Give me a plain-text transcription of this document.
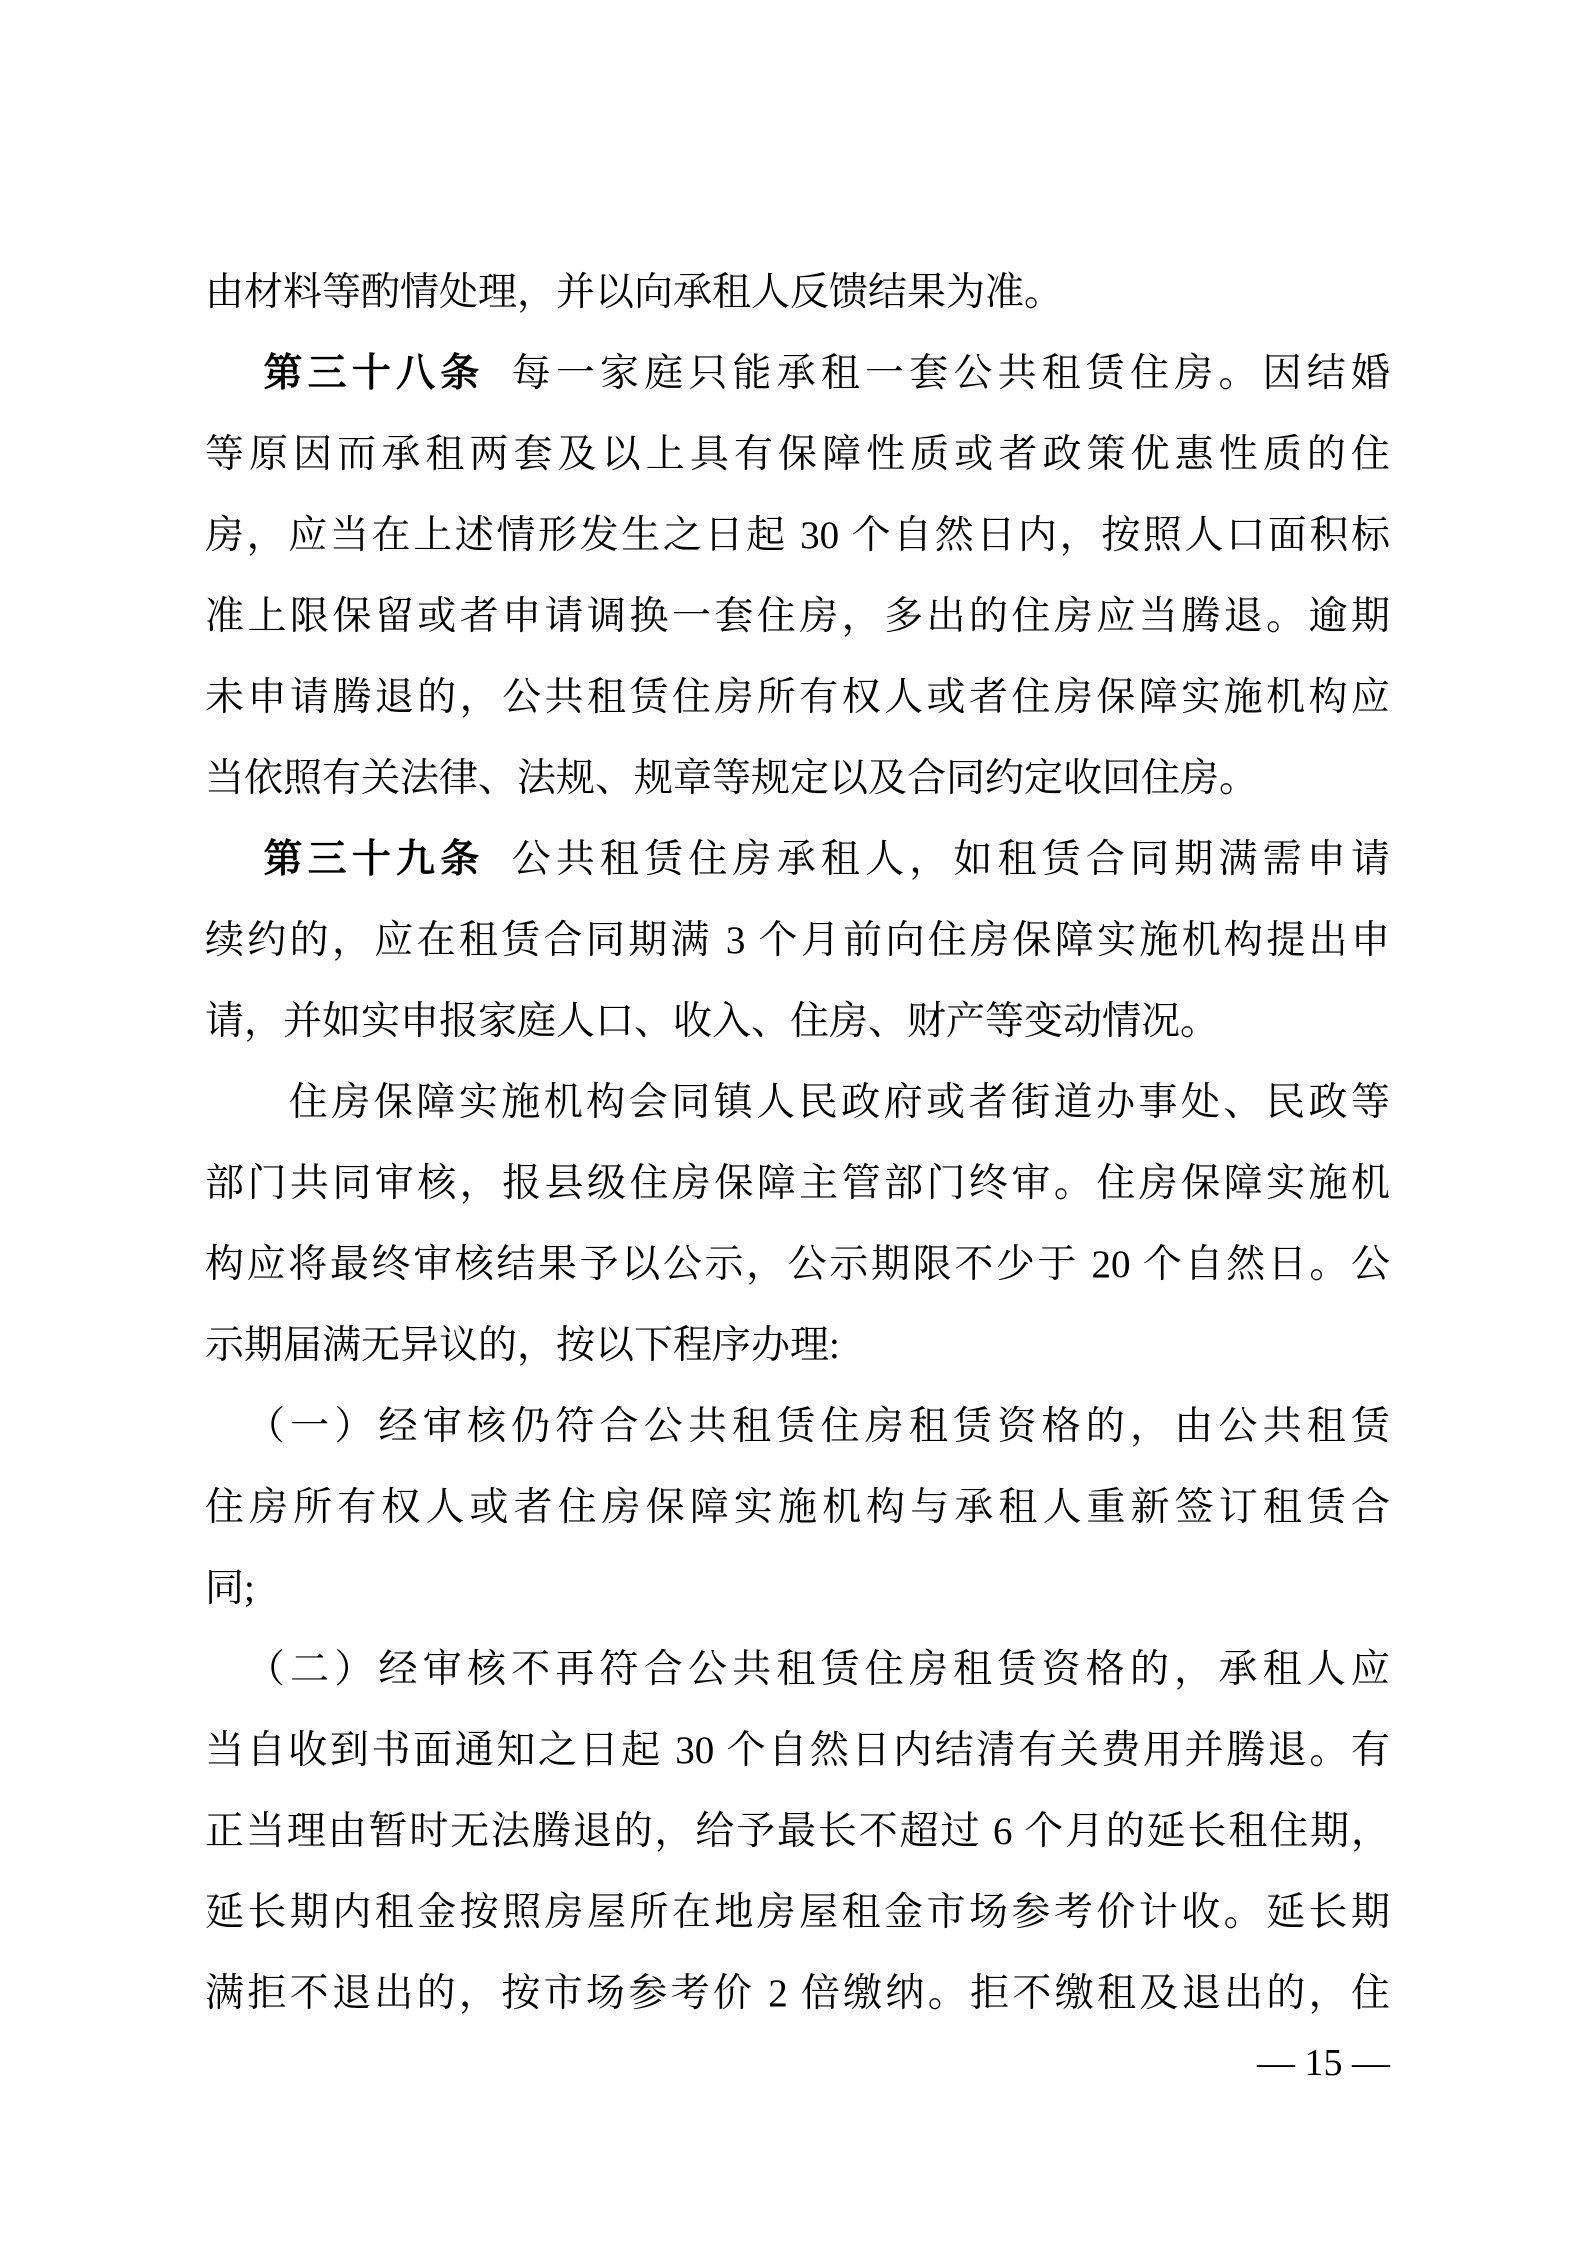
由材料等酌情处理，并以向承租人反馈结果为准。
第三十八条 每一家庭只能承租一套公共租赁住房。因结婚
等原因而承租两套及以上具有保障性质或者政策优惠性质的住
房，应当在上述情形发生之日起 30 个自然日内，按照人口面积标
准上限保留或者申请调换一套住房，多出的住房应当腾退。逾期
未申请腾退的，公共租赁住房所有权人或者住房保障实施机构应
当依照有关法律、法规、规章等规定以及合同约定收回住房。
第三十九条 公共租赁住房承租人，如租赁合同期满需申请
续约的，应在租赁合同期满 3 个月前向住房保障实施机构提出申
请，并如实申报家庭人口、收入、住房、财产等变动情况。
住房保障实施机构会同镇人民政府或者街道办事处、民政等
部门共同审核，报县级住房保障主管部门终审。住房保障实施机
构应将最终审核结果予以公示，公示期限不少于 20 个自然日。公
示期届满无异议的，按以下程序办理:
（一）经审核仍符合公共租赁住房租赁资格的，由公共租赁
住房所有权人或者住房保障实施机构与承租人重新签订租赁合
同;
（二）经审核不再符合公共租赁住房租赁资格的，承租人应
当自收到书面通知之日起 30 个自然日内结清有关费用并腾退。有
正当理由暂时无法腾退的，给予最长不超过 6 个月的延长租住期，
延长期内租金按照房屋所在地房屋租金市场参考价计收。延长期
满拒不退出的，按市场参考价 2 倍缴纳。拒不缴租及退出的，住
— 15 —
